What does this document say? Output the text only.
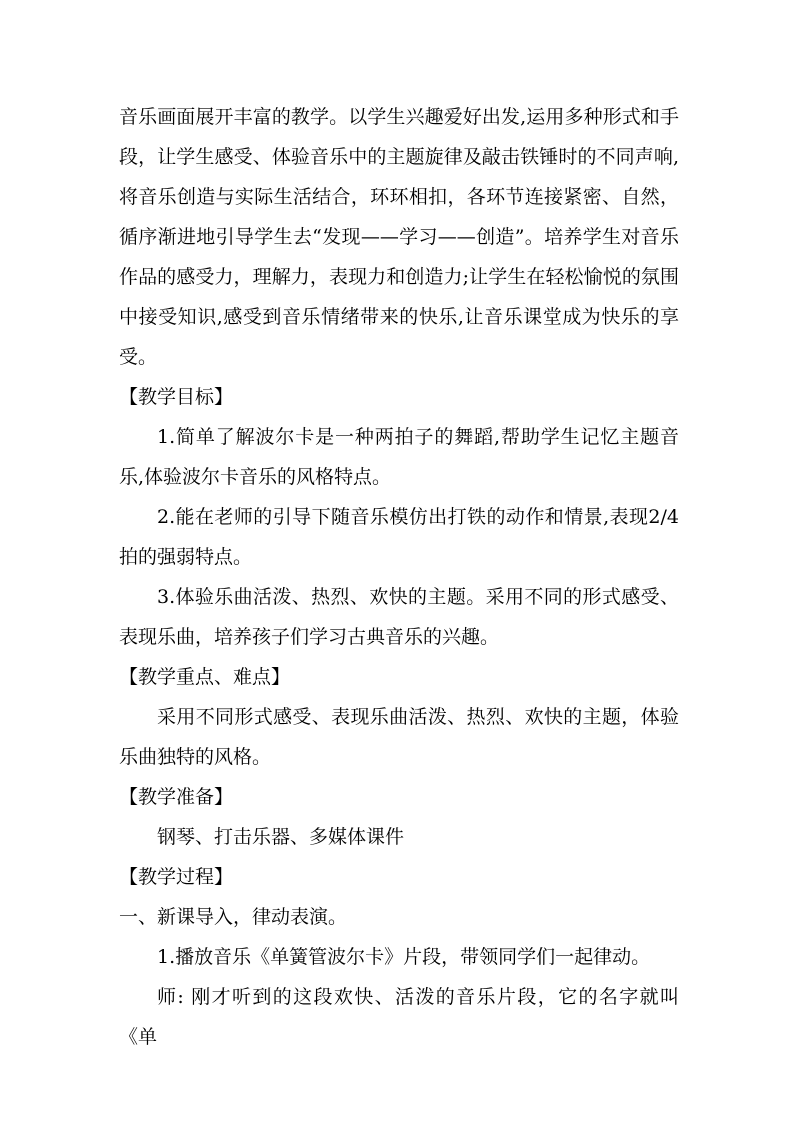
音乐画面展开丰富的教学。以学生兴趣爱好出发,运用多种形式和手段，让学生感受、体验音乐中的主题旋律及敲击铁锤时的不同声响,将音乐创造与实际生活结合，环环相扣，各环节连接紧密、自然，循序渐进地引导学生去“发现——学习——创造”。培养学生对音乐作品的感受力，理解力，表现力和创造力;让学生在轻松愉悦的氛围中接受知识,感受到音乐情绪带来的快乐,让音乐课堂成为快乐的享受。

【教学目标】

1.简单了解波尔卡是一种两拍子的舞蹈,帮助学生记忆主题音乐,体验波尔卡音乐的风格特点。

2.能在老师的引导下随音乐模仿出打铁的动作和情景,表现2/4拍的强弱特点。

3.体验乐曲活泼、热烈、欢快的主题。采用不同的形式感受、表现乐曲，培养孩子们学习古典音乐的兴趣。

【教学重点、难点】

采用不同形式感受、表现乐曲活泼、热烈、欢快的主题，体验乐曲独特的风格。

【教学准备】

钢琴、打击乐器、多媒体课件

【教学过程】

一、新课导入，律动表演。

1.播放音乐《单簧管波尔卡》片段，带领同学们一起律动。

师: 刚才听到的这段欢快、活泼的音乐片段，它的名字就叫《单
